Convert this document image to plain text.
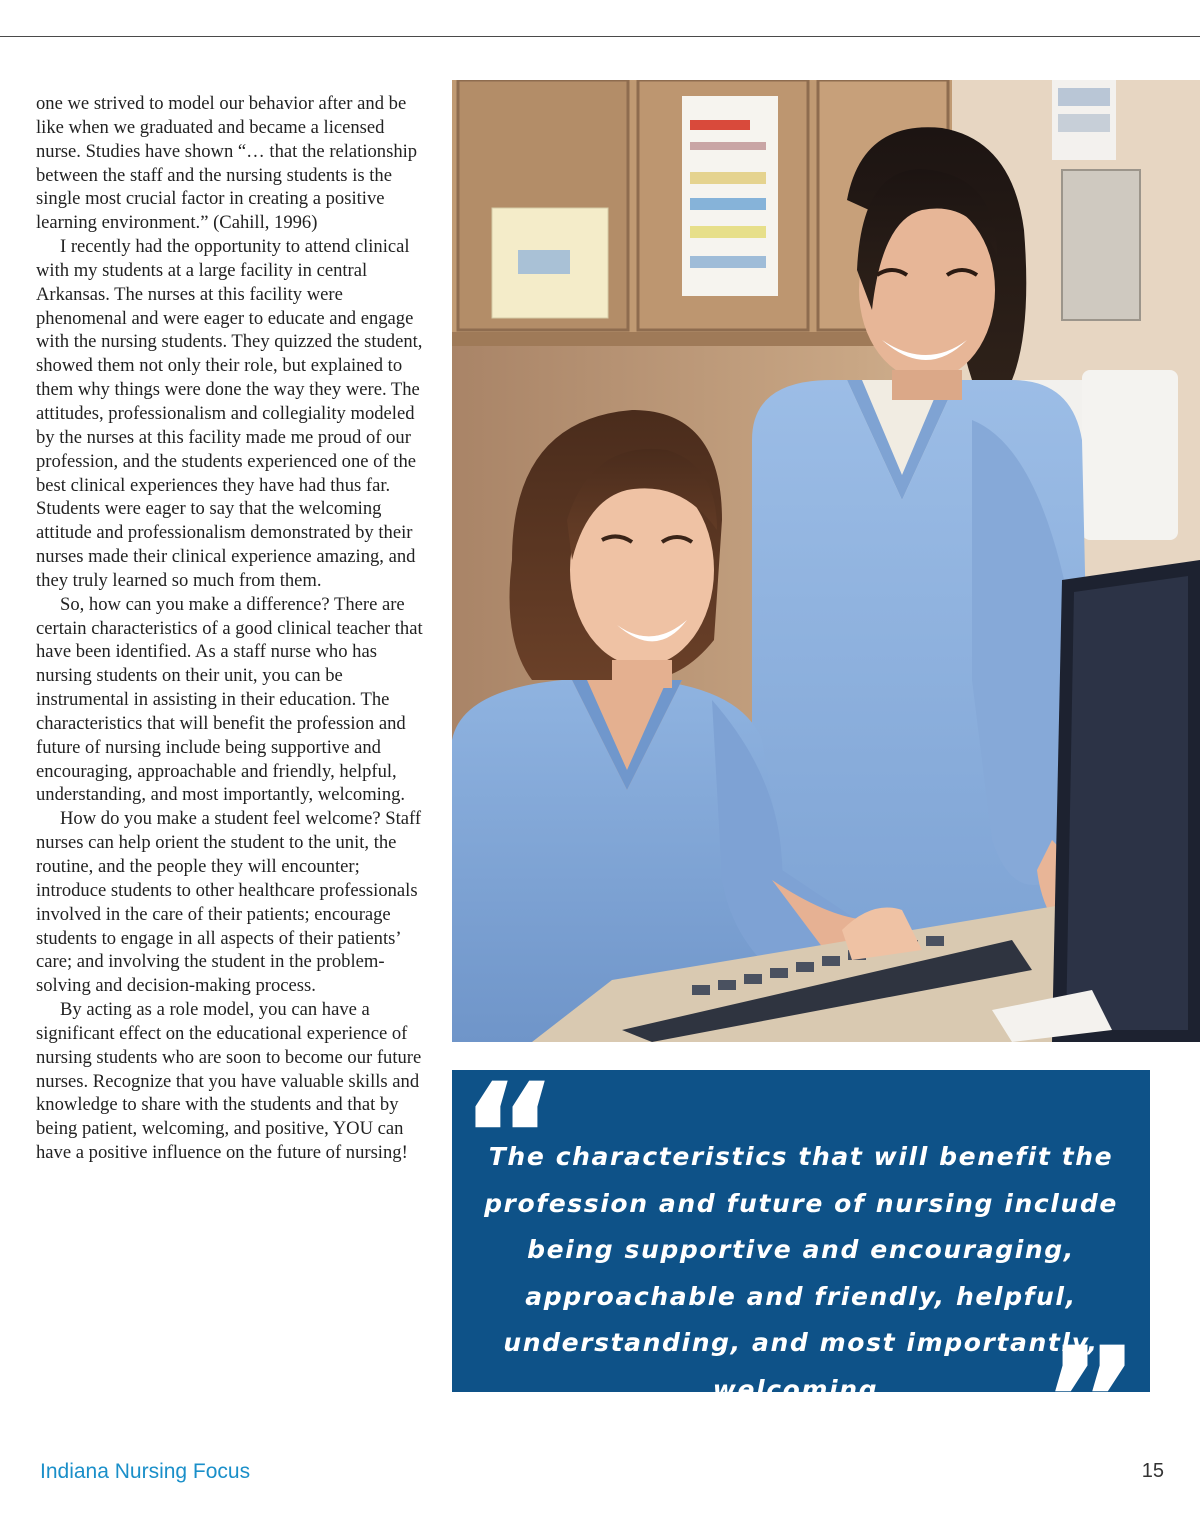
one we strived to model our behavior after and be like when we graduated and became a licensed nurse. Studies have shown “… that the relationship between the staff and the nursing students is the single most crucial factor in creating a positive learning environment.” (Cahill, 1996)

I recently had the opportunity to attend clinical with my students at a large facility in central Arkansas. The nurses at this facility were phenomenal and were eager to educate and engage with the nursing students. They quizzed the student, showed them not only their role, but explained to them why things were done the way they were. The attitudes, professionalism and collegiality modeled by the nurses at this facility made me proud of our profession, and the students experienced one of the best clinical experiences they have had thus far. Students were eager to say that the welcoming attitude and professionalism demonstrated by their nurses made their clinical experience amazing, and they truly learned so much from them.

So, how can you make a difference? There are certain characteristics of a good clinical teacher that have been identified. As a staff nurse who has nursing students on their unit, you can be instrumental in assisting in their education. The characteristics that will benefit the profession and future of nursing include being supportive and encouraging, approachable and friendly, helpful, understanding, and most importantly, welcoming.

How do you make a student feel welcome? Staff nurses can help orient the student to the unit, the routine, and the people they will encounter; introduce students to other healthcare professionals involved in the care of their patients; encourage students to engage in all aspects of their patients’ care; and involving the student in the problem-solving and decision-making process.

By acting as a role model, you can have a significant effect on the educational experience of nursing students who are soon to become our future nurses. Recognize that you have valuable skills and knowledge to share with the students and that by being patient, welcoming, and positive, YOU can have a positive influence on the future of nursing! “
The characteristics that will benefit the profession and future of nursing include being supportive and encouraging, approachable and friendly, helpful, understanding, and most importantly, welcoming.	”
Indiana Nursing Focus	15
